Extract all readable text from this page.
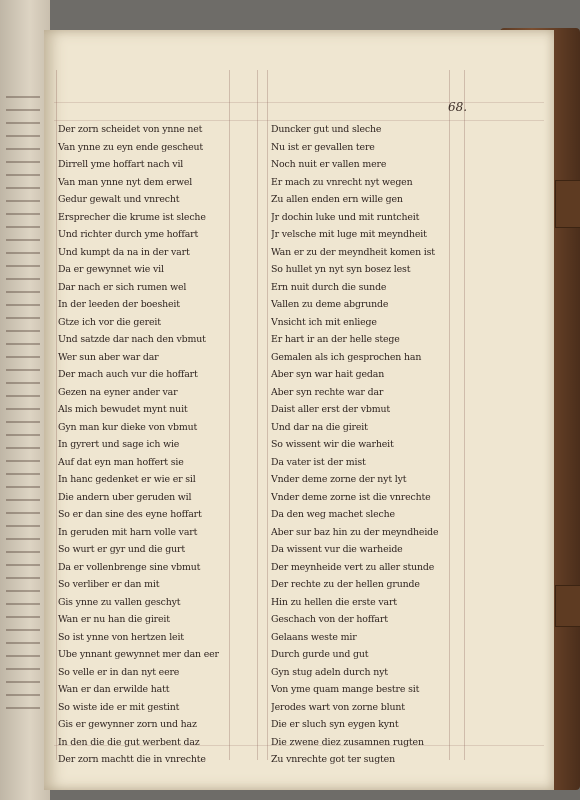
68.
Der zorn scheidet von ynne net
Van ynne zu eyn ende gescheut
Dirrell yme hoffart nach vil
Van man ynne nyt dem erwel
Gedur gewalt und vnrecht
Ersprecher die krume ist sleche
Und richter durch yme hoffart
Und kumpt da na in der vart
Da er gewynnet wie vil
Dar nach er sich rumen wel
In der leeden der boesheit
Gtze ich vor die gereit
Und satzde dar nach den vbmut
Wer sun aber war dar
Der mach auch vur die hoffart
Gezen na eyner ander var
Als mich bewudet mynt nuit
Gyn man kur dieke von vbmut
In gyrert und sage ich wie
Auf dat eyn man hoffert sie
In hanc gedenket er wie er sil
Die andern uber geruden wil
So er dan sine des eyne hoffart
In geruden mit harn volle vart
So wurt er gyr und die gurt
Da er vollenbrenge sine vbmut
So verliber er dan mit
Gis ynne zu vallen geschyt
Wan er nu han die gireit
So ist ynne von hertzen leit
Ube ynnant gewynnet mer dan eer
So velle er in dan nyt eere
Wan er dan erwilde hatt
So wiste ide er mit gestint
Gis er gewynner zorn und haz
In den die die gut werbent daz
Der zorn machtt die in vnrechte
Duncker gut und sleche
Nu ist er gevallen tere
Noch nuit er vallen mere
Er mach zu vnrecht nyt wegen
Zu allen enden ern wille gen
Jr dochin luke und mit runtcheit
Jr velsche mit luge mit meyndheit
Wan er zu der meyndheit komen ist
So hullet yn nyt syn bosez lest
Ern nuit durch die sunde
Vallen zu deme abgrunde
Vnsicht ich mit enliege
Er hart ir an der helle stege
Gemalen als ich gesprochen han
Aber syn war hait gedan
Aber syn rechte war dar
Daist aller erst der vbmut
Und dar na die gireit
So wissent wir die warheit
Da vater ist der mist
Vnder deme zorne der nyt lyt
Vnder deme zorne ist die vnrechte
Da den weg machet sleche
Aber sur baz hin zu der meyndheide
Da wissent vur die warheide
Der meynheide vert zu aller stunde
Der rechte zu der hellen grunde
Hin zu hellen die erste vart
Geschach von der hoffart
Gelaans weste mir
Durch gurde und gut
Gyn stug adeln durch nyt
Von yme quam mange bestre sit
Jerodes wart von zorne blunt
Die er sluch syn eygen kynt
Die zwene diez zusamnen rugten
Zu vnrechte got ter sugten
